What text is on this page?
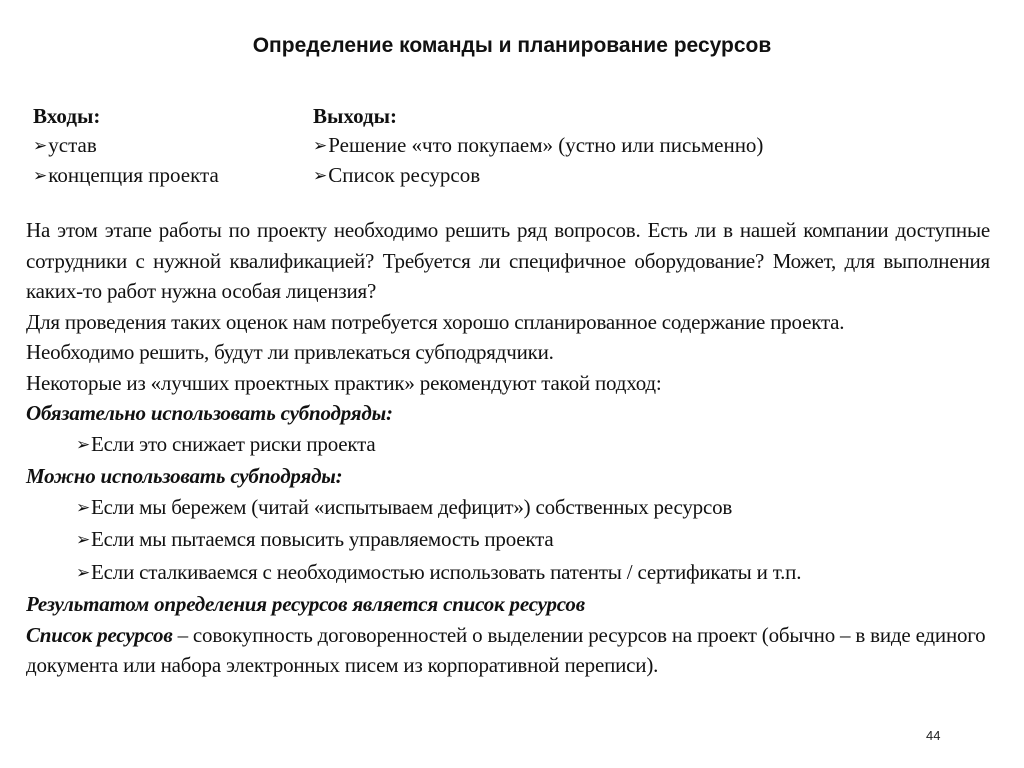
Определение команды и планирование ресурсов
Входы:
➢устав
➢концепция проекта
Выходы:
➢Решение «что покупаем» (устно или письменно)
➢Список ресурсов

На этом этапе работы по проекту необходимо решить ряд вопросов. Есть ли в нашей компании доступные сотрудники с нужной квалификацией? Требуется ли специфичное оборудование? Может, для выполнения каких-то работ нужна особая лицензия?

Для проведения таких оценок нам потребуется хорошо спланированное содержание проекта.

Необходимо решить, будут ли привлекаться субподрядчики.

Некоторые из «лучших проектных практик» рекомендуют такой подход:

Обязательно использовать субподряды:

➢Если это снижает риски проекта

Можно использовать субподряды:

➢Если мы бережем (читай «испытываем дефицит») собственных ресурсов

➢Если мы пытаемся повысить управляемость проекта

➢Если сталкиваемся с необходимостью использовать патенты / сертификаты и т.п.

Результатом определения ресурсов является список ресурсов

Список ресурсов – совокупность договоренностей о выделении ресурсов на проект (обычно – в виде единого документа или набора электронных писем из корпоративной переписи).

44
